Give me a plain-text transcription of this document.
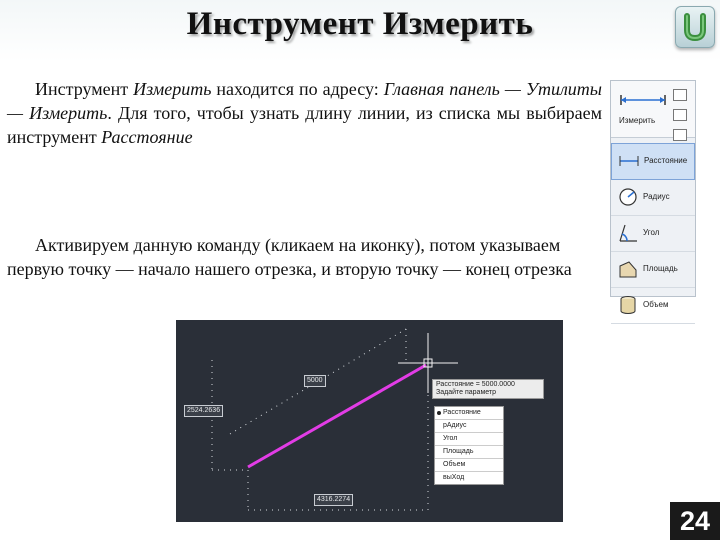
Инструмент Измерить
Инструмент Измерить находится по адресу: Главная панель — Утилиты — Измерить. Для того, чтобы узнать длину линии, из списка мы выбираем инструмент Расстояние
Активируем данную команду (кликаем на иконку), потом указываем первую точку — начало нашего отрезка, и вторую точку — конец отрезка
Измерить
Расстояние
Радиус
Угол
Площадь
Объем
5000
2524.2636
4316.2274
Расстояние = 5000.0000
Задайте параметр
Расстояние
рАдиус
Угол
Площадь
Объем
выХод
24
